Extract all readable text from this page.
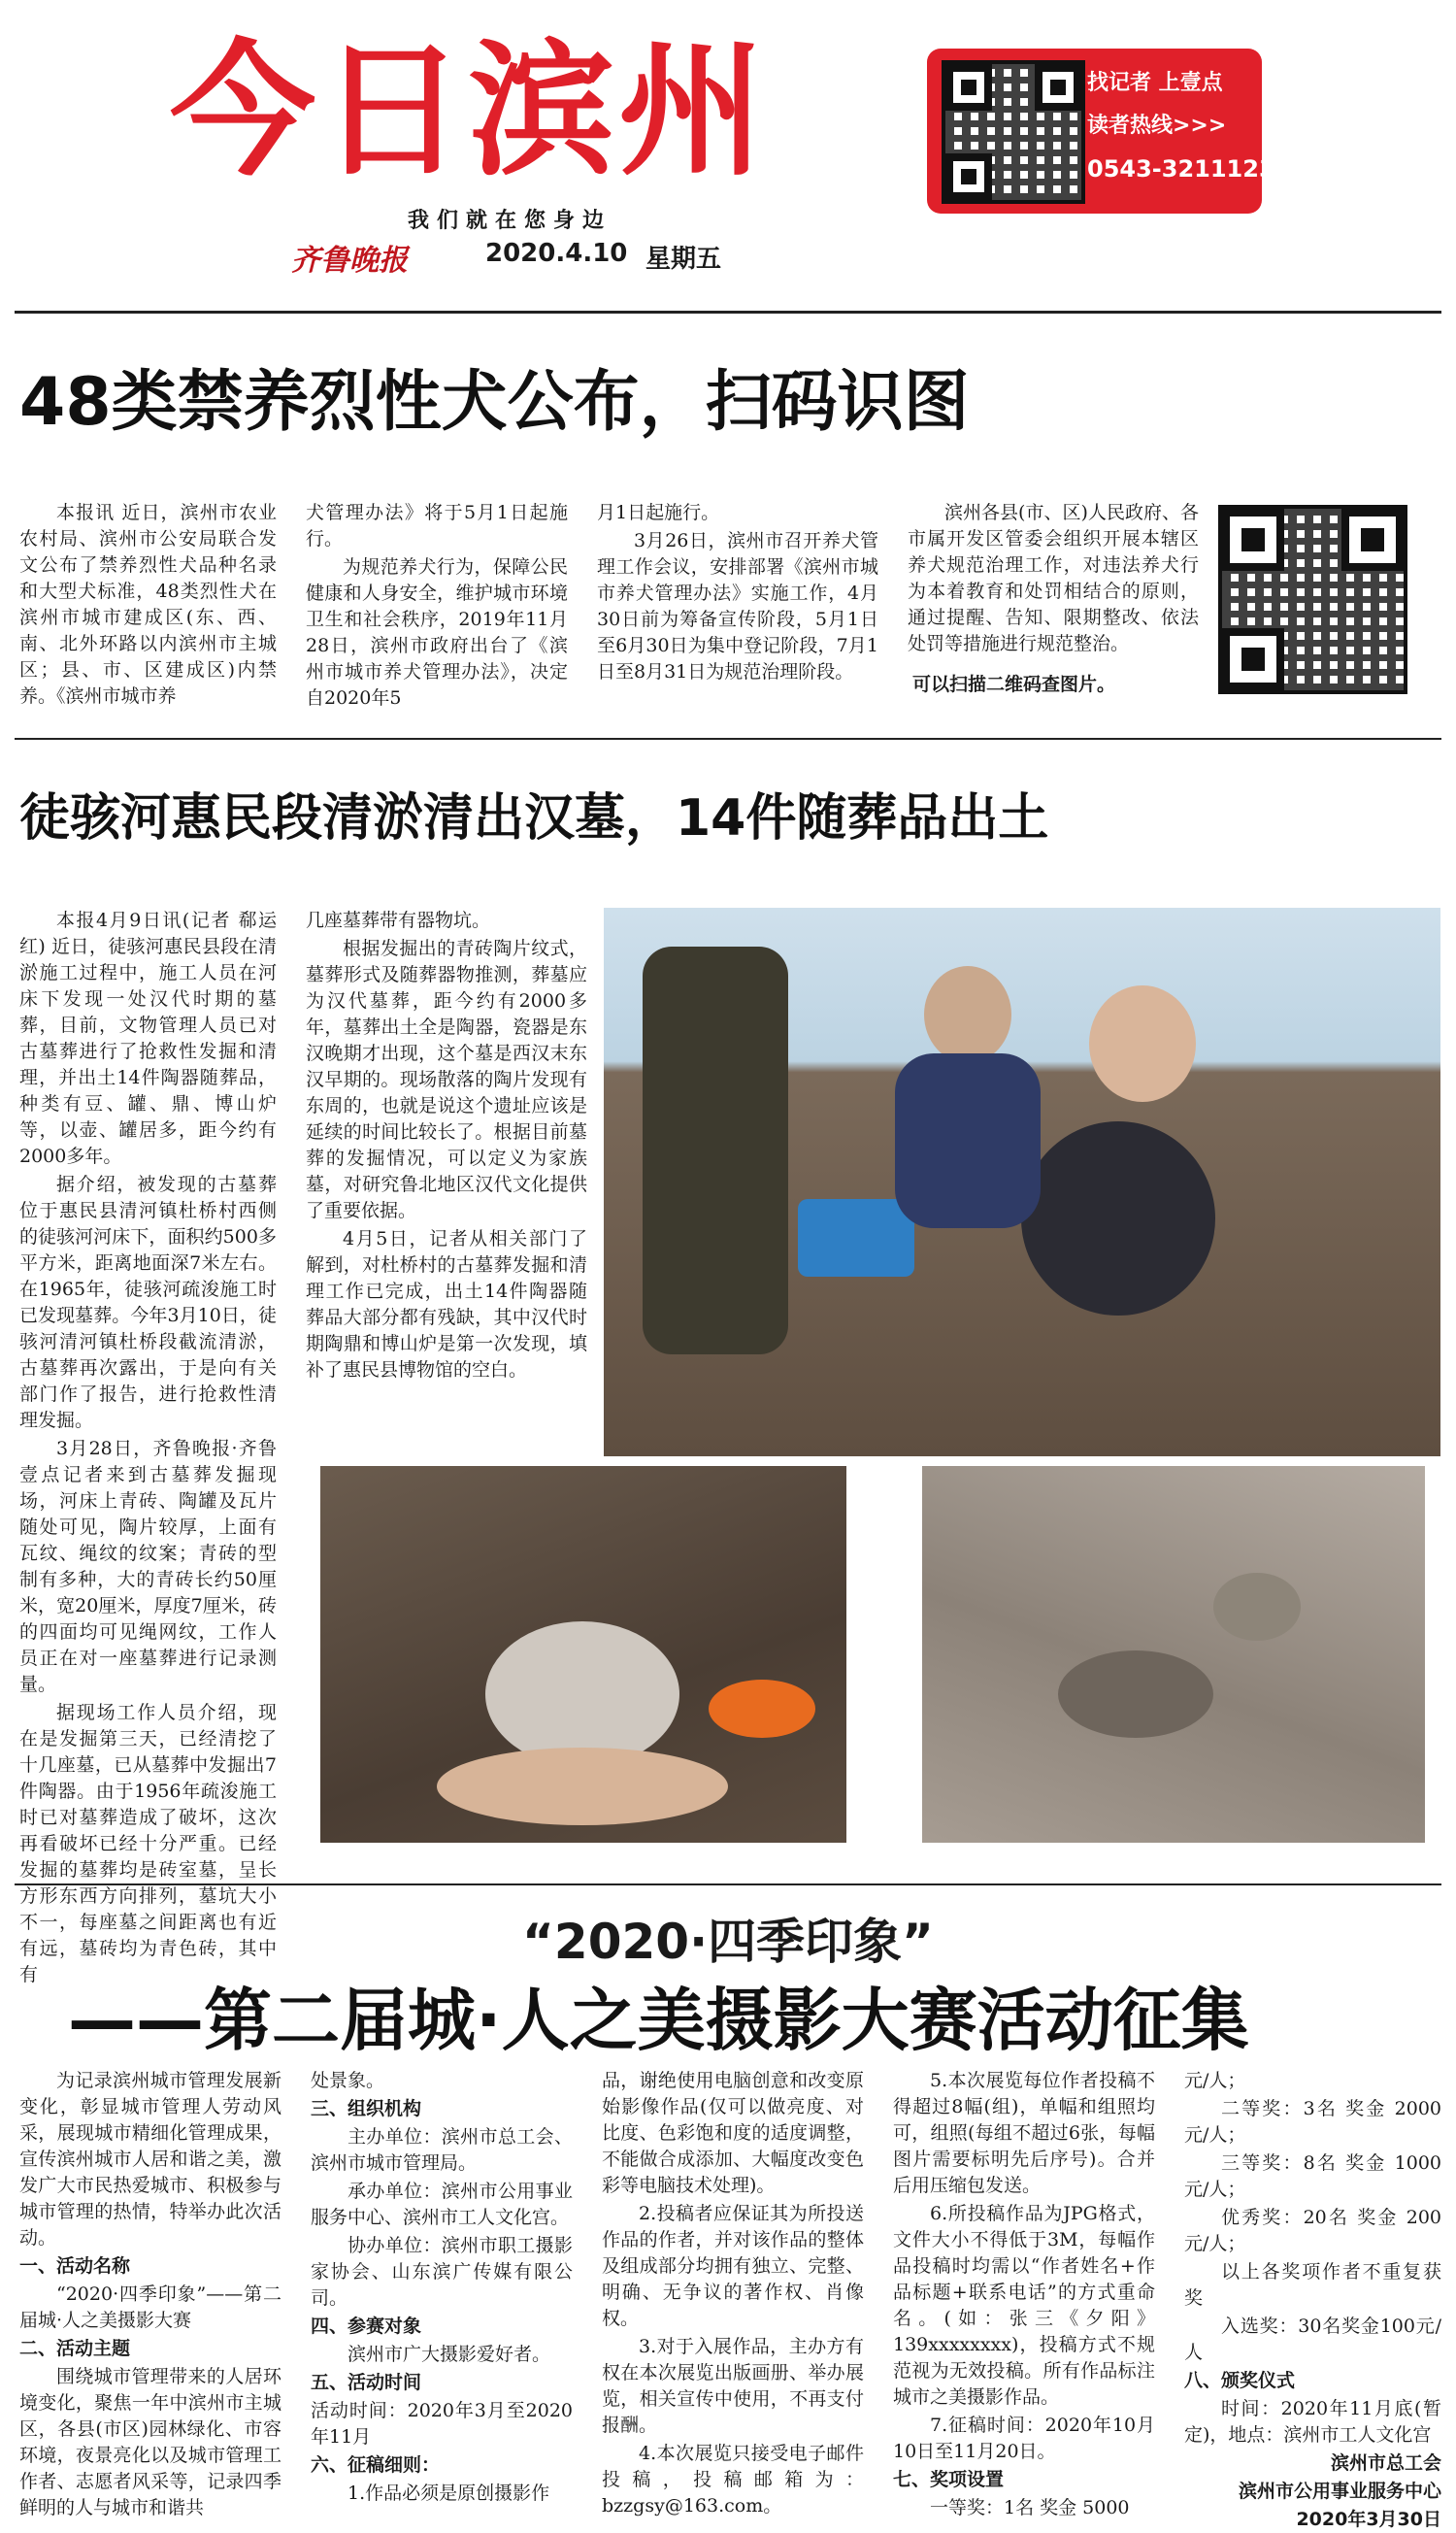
今日滨州
我们就在您身边
齐鲁晚报	2020.4.10 星期五
找记者 上壹点
读者热线>>>
0543-3211123
48类禁养烈性犬公布，扫码识图

本报讯 近日，滨州市农业农村局、滨州市公安局联合发文公布了禁养烈性犬品种名录和大型犬标准，48类烈性犬在滨州市城市建成区(东、西、南、北外环路以内滨州市主城区；县、市、区建成区)内禁养。《滨州市城市养

犬管理办法》将于5月1日起施行。

为规范养犬行为，保障公民健康和人身安全，维护城市环境卫生和社会秩序，2019年11月28日，滨州市政府出台了《滨州市城市养犬管理办法》，决定自2020年5

月1日起施行。

3月26日，滨州市召开养犬管理工作会议，安排部署《滨州市城市养犬管理办法》实施工作，4月30日前为筹备宣传阶段，5月1日至6月30日为集中登记阶段，7月1日至8月31日为规范治理阶段。

滨州各县(市、区)人民政府、各市属开发区管委会组织开展本辖区养犬规范治理工作，对违法养犬行为本着教育和处罚相结合的原则，通过提醒、告知、限期整改、依法处罚等措施进行规范整治。

可以扫描二维码查图片。
徒骇河惠民段清淤清出汉墓，14件随葬品出土

本报4月9日讯(记者 郗运红) 近日，徒骇河惠民县段在清淤施工过程中，施工人员在河床下发现一处汉代时期的墓葬，目前，文物管理人员已对古墓葬进行了抢救性发掘和清理，并出土14件陶器随葬品，种类有豆、罐、鼎、博山炉等，以壶、罐居多，距今约有2000多年。

据介绍，被发现的古墓葬位于惠民县清河镇杜桥村西侧的徒骇河河床下，面积约500多平方米，距离地面深7米左右。在1965年，徒骇河疏浚施工时已发现墓葬。今年3月10日，徒骇河清河镇杜桥段截流清淤，古墓葬再次露出，于是向有关部门作了报告，进行抢救性清理发掘。

3月28日，齐鲁晚报·齐鲁壹点记者来到古墓葬发掘现场，河床上青砖、陶罐及瓦片随处可见，陶片较厚，上面有瓦纹、绳纹的纹案；青砖的型制有多种，大的青砖长约50厘米，宽20厘米，厚度7厘米，砖的四面均可见绳网纹，工作人员正在对一座墓葬进行记录测量。

据现场工作人员介绍，现在是发掘第三天，已经清挖了十几座墓，已从墓葬中发掘出7件陶器。由于1956年疏浚施工时已对墓葬造成了破坏，这次再看破坏已经十分严重。已经发掘的墓葬均是砖室墓，呈长方形东西方向排列，墓坑大小不一，每座墓之间距离也有近有远，墓砖均为青色砖，其中有

几座墓葬带有器物坑。

根据发掘出的青砖陶片纹式，墓葬形式及随葬器物推测，葬墓应为汉代墓葬，距今约有2000多年，墓葬出土全是陶器，瓷器是东汉晚期才出现，这个墓是西汉末东汉早期的。现场散落的陶片发现有东周的，也就是说这个遗址应该是延续的时间比较长了。根据目前墓葬的发掘情况，可以定义为家族墓，对研究鲁北地区汉代文化提供了重要依据。

4月5日，记者从相关部门了解到，对杜桥村的古墓葬发掘和清理工作已完成，出土14件陶器随葬品大部分都有残缺，其中汉代时期陶鼎和博山炉是第一次发现，填补了惠民县博物馆的空白。

“2020·四季印象”
——第二届城·人之美摄影大赛活动征集

为记录滨州城市管理发展新变化，彰显城市管理人劳动风采，展现城市精细化管理成果，宣传滨州城市人居和谐之美，激发广大市民热爱城市、积极参与城市管理的热情，特举办此次活动。

一、活动名称

“2020·四季印象”——第二届城·人之美摄影大赛

二、活动主题

围绕城市管理带来的人居环境变化，聚焦一年中滨州市主城区，各县(市区)园林绿化、市容环境，夜景亮化以及城市管理工作者、志愿者风采等，记录四季鲜明的人与城市和谐共

处景象。

三、组织机构

主办单位：滨州市总工会、滨州市城市管理局。

承办单位：滨州市公用事业服务中心、滨州市工人文化宫。

协办单位：滨州市职工摄影家协会、山东滨广传媒有限公司。

四、参赛对象

滨州市广大摄影爱好者。

五、活动时间

活动时间：2020年3月至2020年11月

六、征稿细则：

1.作品必须是原创摄影作

品，谢绝使用电脑创意和改变原始影像作品(仅可以做亮度、对比度、色彩饱和度的适度调整，不能做合成添加、大幅度改变色彩等电脑技术处理)。

2.投稿者应保证其为所投送作品的作者，并对该作品的整体及组成部分均拥有独立、完整、明确、无争议的著作权、肖像权。

3.对于入展作品，主办方有权在本次展览出版画册、举办展览，相关宣传中使用，不再支付报酬。

4.本次展览只接受电子邮件投稿，投稿邮箱为：bzzgsy@163.com。

5.本次展览每位作者投稿不得超过8幅(组)，单幅和组照均可，组照(每组不超过6张，每幅图片需要标明先后序号)。合并后用压缩包发送。

6.所投稿作品为JPG格式，文件大小不得低于3M，每幅作品投稿时均需以“作者姓名+作品标题+联系电话”的方式重命名。(如：张三《夕阳》139xxxxxxxx)，投稿方式不规范视为无效投稿。所有作品标注城市之美摄影作品。

7.征稿时间：2020年10月10日至11月20日。

七、奖项设置

一等奖：1名 奖金 5000

元/人；

二等奖：3名 奖金 2000元/人；

三等奖：8名 奖金 1000元/人；

优秀奖：20名 奖金 200元/人；

以上各奖项作者不重复获奖

入选奖：30名奖金100元/人

八、颁奖仪式

时间：2020年11月底(暂定)，地点：滨州市工人文化宫

滨州市总工会

滨州市公用事业服务中心

2020年3月30日
